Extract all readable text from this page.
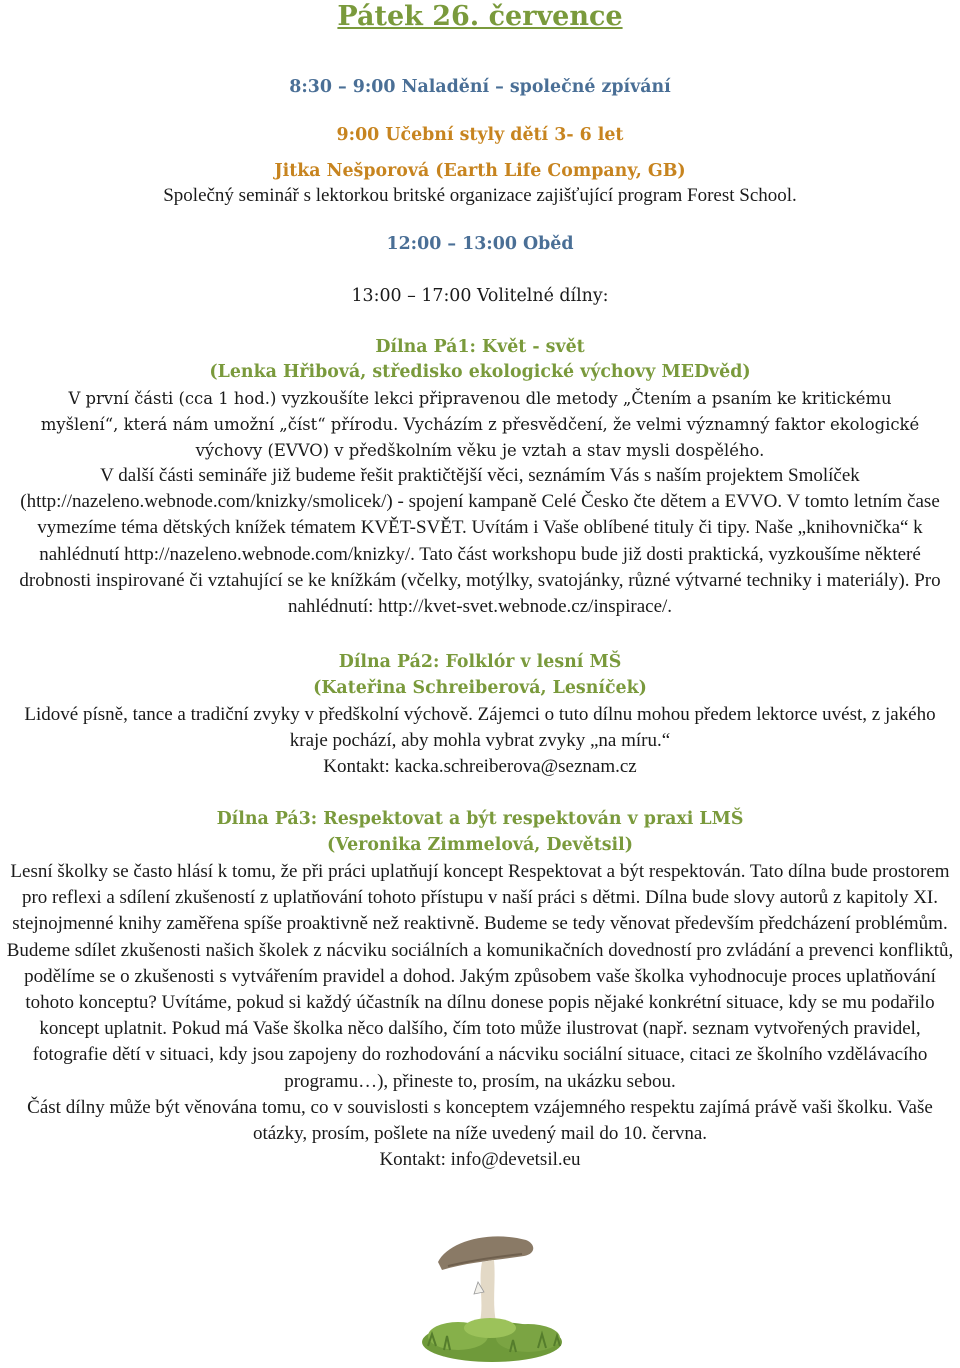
Pátek 26. července
8:30 – 9:00 Naladění – společné zpívání
9:00 Učební styly dětí 3- 6 let
Jitka Nešporová (Earth Life Company, GB)
Společný seminář s lektorkou britské organizace zajišťující program Forest School.
12:00 – 13:00 Oběd
13:00 – 17:00 Volitelné dílny:
Dílna Pá1: Květ - svět
(Lenka Hřibová, středisko ekologické výchovy MEDvěd)
V první části (cca 1 hod.) vyzkoušíte lekci připravenou dle metody „Čtením a psaním ke kritickému
myšlení“, která nám umožní „číst“ přírodu. Vycházím z přesvědčení, že velmi významný faktor ekologické
výchovy (EVVO) v předškolním věku je vztah a stav mysli dospělého.

V další části semináře již budeme řešit praktičtější věci, seznámím Vás s naším projektem Smolíček (http://nazeleno.webnode.com/knizky/smolicek/) - spojení kampaně Celé Česko čte dětem a EVVO. V tomto letním čase vymezíme téma dětských knížek tématem KVĚT-SVĚT. Uvítám i Vaše oblíbené tituly či tipy. Naše „knihovnička“ k nahlédnutí http://nazeleno.webnode.com/knizky/. Tato část workshopu bude již dosti praktická, vyzkoušíme některé drobnosti inspirované či vztahující se ke knížkám (včelky, motýlky, svatojánky, různé výtvarné techniky i materiály). Pro nahlédnutí: http://kvet-svet.webnode.cz/inspirace/.

Dílna Pá2: Folklór v lesní MŠ
(Kateřina Schreiberová, Lesníček)

Lidové písně, tance a tradiční zvyky v předškolní výchově. Zájemci o tuto dílnu mohou předem lektorce uvést, z jakého kraje pochází, aby mohla vybrat zvyky „na míru.“

Kontakt: kacka.schreiberova@seznam.cz

Dílna Pá3: Respektovat a být respektován v praxi LMŠ
(Veronika Zimmelová, Devětsil)

Lesní školky se často hlásí k tomu, že při práci uplatňují koncept Respektovat a být respektován. Tato dílna bude prostorem pro reflexi a sdílení zkušeností z uplatňování tohoto přístupu v naší práci s dětmi. Dílna bude slovy autorů z kapitoly XI. stejnojmenné knihy zaměřena spíše proaktivně než reaktivně. Budeme se tedy věnovat především předcházení problémům. Budeme sdílet zkušenosti našich školek z nácviku sociálních a komunikačních dovedností pro zvládání a prevenci konfliktů, podělíme se o zkušenosti s vytvářením pravidel a dohod. Jakým způsobem vaše školka vyhodnocuje proces uplatňování tohoto konceptu? Uvítáme, pokud si každý účastník na dílnu donese popis nějaké konkrétní situace, kdy se mu podařilo koncept uplatnit. Pokud má Vaše školka něco dalšího, čím toto může ilustrovat (např. seznam vytvořených pravidel, fotografie dětí v situaci, kdy jsou zapojeny do rozhodování a nácviku sociální situace, citaci ze školního vzdělávacího programu…), přineste to, prosím, na ukázku sebou.

Část dílny může být věnována tomu, co v souvislosti s konceptem vzájemného respektu zajímá právě vaši školku. Vaše otázky, prosím, pošlete na níže uvedený mail do 10. června.

Kontakt: info@devetsil.eu
